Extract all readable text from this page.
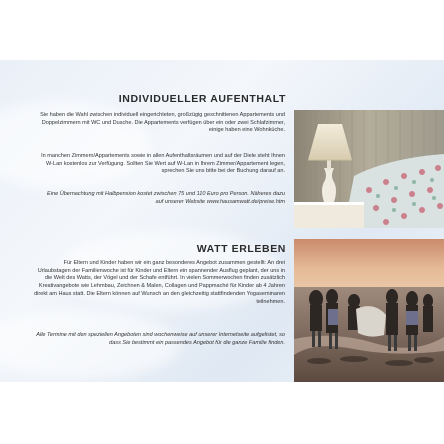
INDIVIDUELLER AUFENTHALT
Sie haben die Wahl zwischen individuell eingerichteten, großzügig geschnittenen Appartements und Doppelzimmern mit WC und Dusche. Die Appartements verfügen über ein oder zwei Schlafzimmer, einige haben eine Wohnküche.
In manchen Zimmern/Appartements sowie in allen Aufenthaltsräumen und auf der Diele steht Ihnen W-Lan kostenlos zur Verfügung. Sollten Sie Wert auf W-Lan in Ihrem Zimmer/Appartement legen, sprechen Sie uns bitte bei der Buchung darauf an.
Eine Übernachtung mit Halbpension kostet zwischen 75 und 110 Euro pro Person. Näheres dazu auf unserer Website www.hausamwatt.de/preise.htm
WATT ERLEBEN
Für Eltern und Kinder haben wir ein ganz besonderes Angebot zusammen gestellt: An drei Urlaubstagen der Familienwoche ist für Kinder und Eltern ein spannender Ausflug geplant, der uns in die Welt des Watts, der Vögel und der Schafe entführt. In vielen Sommerwochen finden zusätzlich Kreativangebote wie Lehmbau, Zeichnen & Malen, Collagen und Pappmaché für Kinder ab 4 Jahren direkt am Haus statt. Die Eltern können auf Wunsch an den gleichzeitig stattfindenden Yogaseminaren teilnehmen.
Alle Termine mit den speziellen Angeboten sind wochenweise auf unserer Internetseite aufgelistet, so dass Sie bestimmt ein passendes Angebot für die ganze Familie finden.
